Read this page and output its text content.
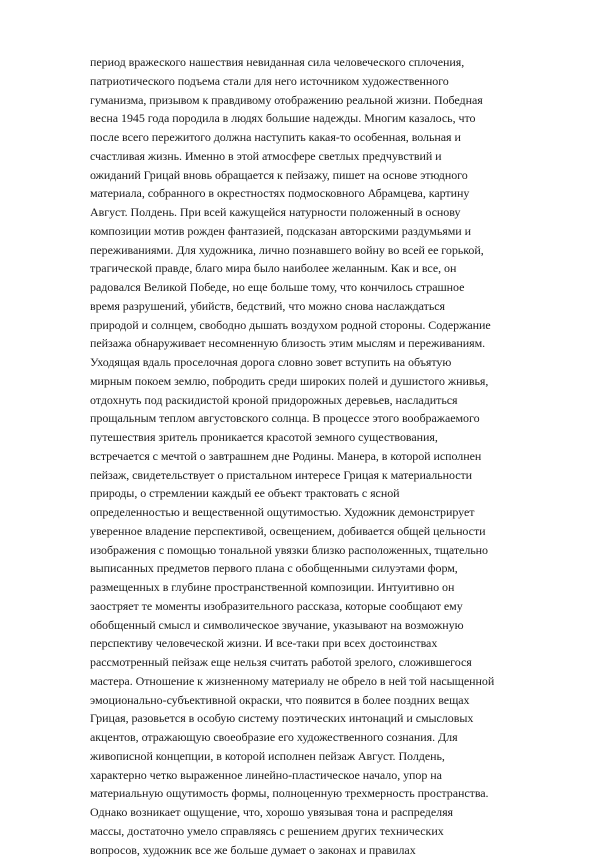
период вражеского нашествия невиданная сила человеческого сплочения,
патриотического подъема стали для него источником художественного
гуманизма, призывом к правдивому отображению реальной жизни. Победная
весна 1945 года породила в людях большие надежды. Многим казалось, что
после всего пережитого должна наступить какая-то особенная, вольная и
счастливая жизнь. Именно в этой атмосфере светлых предчувствий и
ожиданий Грицай вновь обращается к пейзажу, пишет на основе этюдного
материала, собранного в окрестностях подмосковного Абрамцева, картину
Август. Полдень. При всей кажущейся натурности положенный в основу
композиции мотив рожден фантазией, подсказан авторскими раздумьями и
переживаниями. Для художника, лично познавшего войну во всей ее горькой,
трагической правде, благо мира было наиболее желанным. Как и все, он
радовался Великой Победе, но еще больше тому, что кончилось страшное
время разрушений, убийств, бедствий, что можно снова наслаждаться
природой и солнцем, свободно дышать воздухом родной стороны. Содержание
пейзажа обнаруживает несомненную близость этим мыслям и переживаниям.
Уходящая вдаль проселочная дорога словно зовет вступить на объятую
мирным покоем землю, побродить среди широких полей и душистого жнивья,
отдохнуть под раскидистой кроной придорожных деревьев, насладиться
прощальным теплом августовского солнца. В процессе этого воображаемого
путешествия зритель проникается красотой земного существования,
встречается с мечтой о завтрашнем дне Родины. Манера, в которой исполнен
пейзаж, свидетельствует о пристальном интересе Грицая к материальности
природы, о стремлении каждый ее объект трактовать с ясной
определенностью и вещественной ощутимостью. Художник демонстрирует
уверенное владение перспективой, освещением, добивается общей цельности
изображения с помощью тональной увязки близко расположенных, тщательно
выписанных предметов первого плана с обобщенными силуэтами форм,
размещенных в глубине пространственной композиции. Интуитивно он
заостряет те моменты изобразительного рассказа, которые сообщают ему
обобщенный смысл и символическое звучание, указывают на возможную
перспективу человеческой жизни. И все-таки при всех достоинствах
рассмотренный пейзаж еще нельзя считать работой зрелого, сложившегося
мастера. Отношение к жизненному материалу не обрело в ней той насыщенной
эмоционально-субъективной окраски, что появится в более поздних вещах
Грицая, разовьется в особую систему поэтических интонаций и смысловых
акцентов, отражающую своеобразие его художественного сознания. Для
живописной концепции, в которой исполнен пейзаж Август. Полдень,
характерно четко выраженное линейно-пластическое начало, упор на
материальную ощутимость формы, полноценную трехмерность пространства.
Однако возникает ощущение, что, хорошо увязывая тона и распределяя
массы, достаточно умело справляясь с решением других технических
вопросов, художник все же больше думает о законах и правилах
